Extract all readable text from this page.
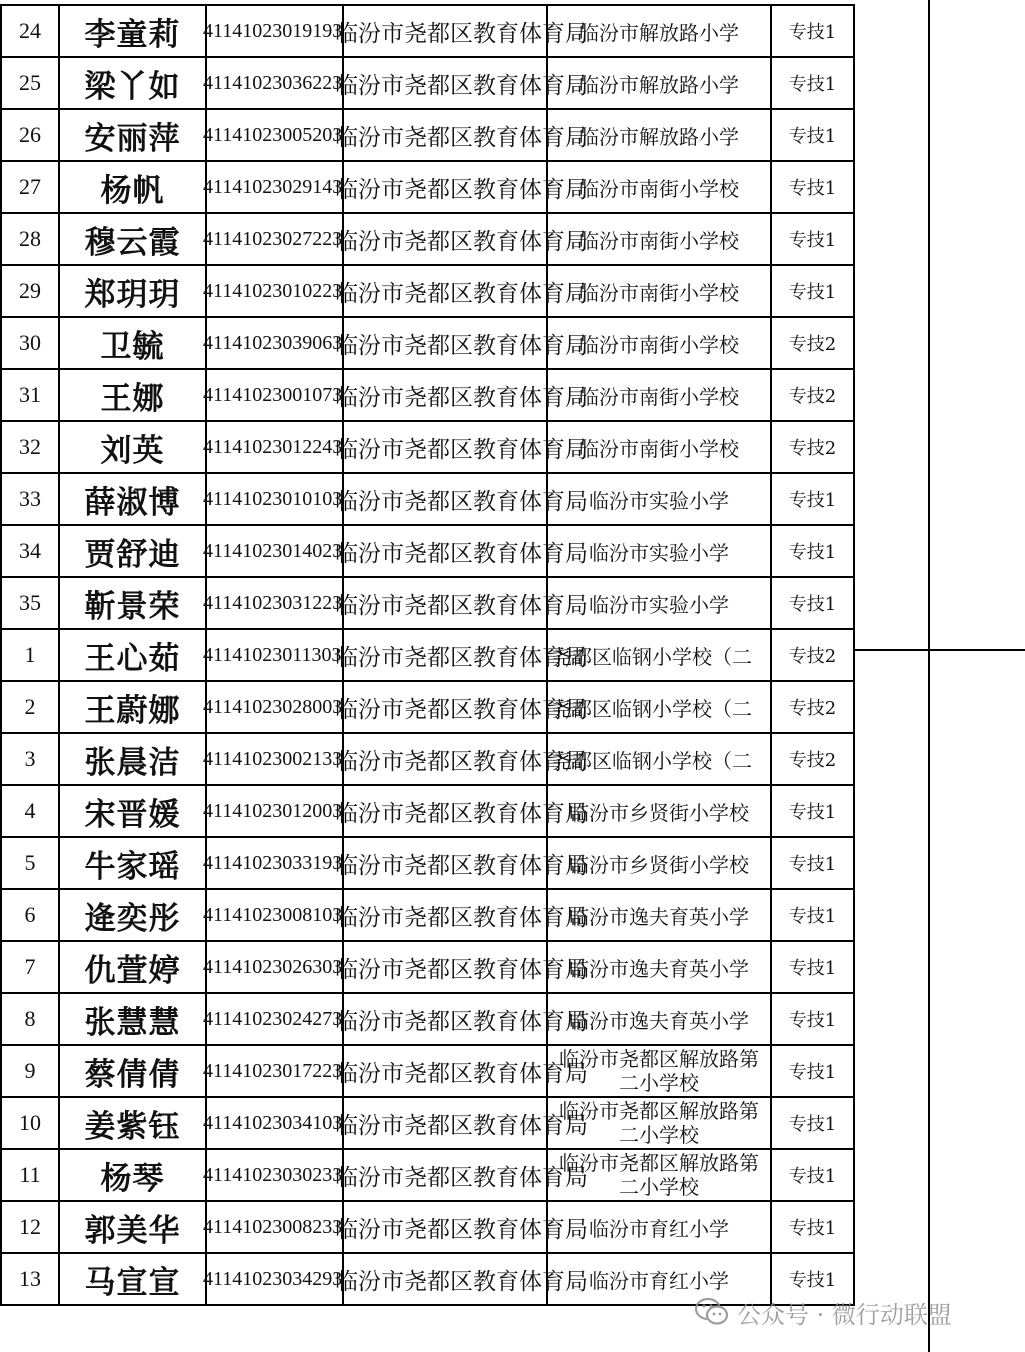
24	李童莉	41141023019193	临汾市尧都区教育体育局	临汾市解放路小学	专技1
25	梁丫如	41141023036223	临汾市尧都区教育体育局	临汾市解放路小学	专技1
26	安丽萍	41141023005203	临汾市尧都区教育体育局	临汾市解放路小学	专技1
27	杨帆	41141023029143	临汾市尧都区教育体育局	临汾市南街小学校	专技1
28	穆云霞	41141023027223	临汾市尧都区教育体育局	临汾市南街小学校	专技1
29	郑玥玥	41141023010223	临汾市尧都区教育体育局	临汾市南街小学校	专技1
30	卫毓	41141023039063	临汾市尧都区教育体育局	临汾市南街小学校	专技2
31	王娜	41141023001073	临汾市尧都区教育体育局	临汾市南街小学校	专技2
32	刘英	41141023012243	临汾市尧都区教育体育局	临汾市南街小学校	专技2
33	薛淑博	41141023010103	临汾市尧都区教育体育局	临汾市实验小学	专技1
34	贾舒迪	41141023014023	临汾市尧都区教育体育局	临汾市实验小学	专技1
35	靳景荣	41141023031223	临汾市尧都区教育体育局	临汾市实验小学	专技1
1	王心茹	41141023011303	临汾市尧都区教育体育局	尧都区临钢小学校（二	专技2
2	王蔚娜	41141023028003	临汾市尧都区教育体育局	尧都区临钢小学校（二	专技2
3	张晨洁	41141023002133	临汾市尧都区教育体育局	尧都区临钢小学校（二	专技2
4	宋晋媛	41141023012003	临汾市尧都区教育体育局	临汾市乡贤街小学校	专技1
5	牛家瑶	41141023033193	临汾市尧都区教育体育局	临汾市乡贤街小学校	专技1
6	逄奕彤	41141023008103	临汾市尧都区教育体育局	临汾市逸夫育英小学	专技1
7	仇萱婷	41141023026303	临汾市尧都区教育体育局	临汾市逸夫育英小学	专技1
8	张慧慧	41141023024273	临汾市尧都区教育体育局	临汾市逸夫育英小学	专技1
9	蔡倩倩	41141023017223	临汾市尧都区教育体育局	临汾市尧都区解放路第二小学校	专技1
10	姜紫钰	41141023034103	临汾市尧都区教育体育局	临汾市尧都区解放路第二小学校	专技1
11	杨琴	41141023030233	临汾市尧都区教育体育局	临汾市尧都区解放路第二小学校	专技1
12	郭美华	41141023008233	临汾市尧都区教育体育局	临汾市育红小学	专技1
13	马宣宣	41141023034293	临汾市尧都区教育体育局	临汾市育红小学	专技1
公众号 · 微行动联盟
